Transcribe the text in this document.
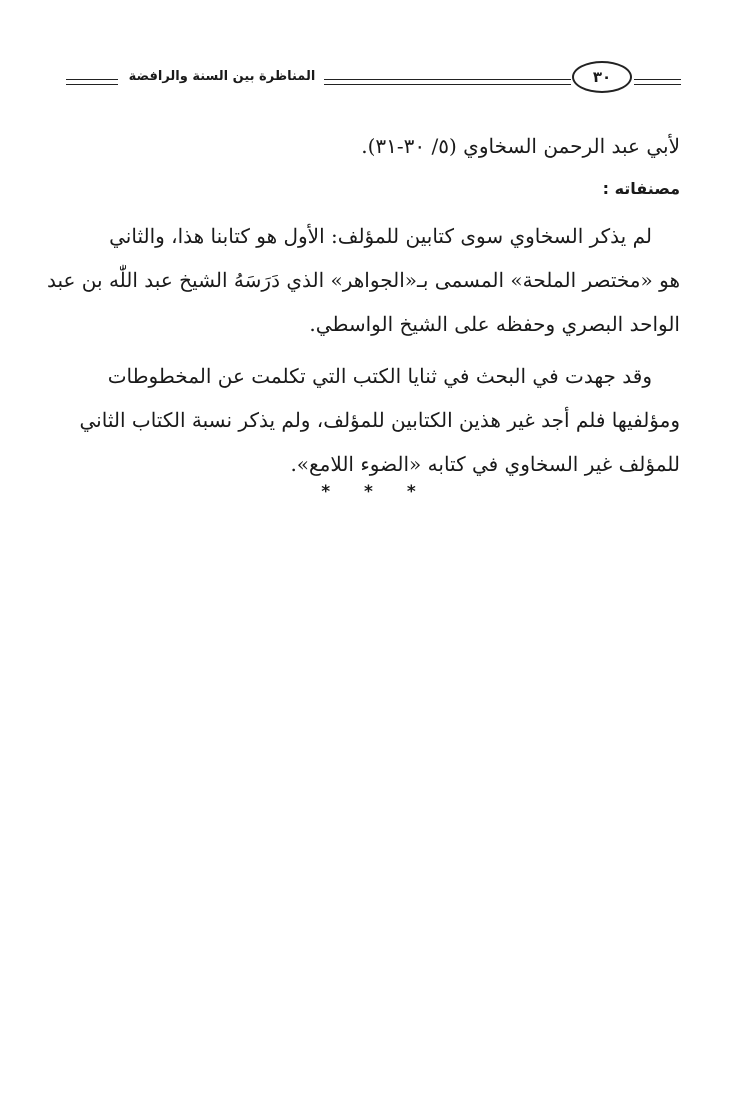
المناظرة بين السنة والرافضة	٣٠
لأبي عبد الرحمن السخاوي (٥/ ٣٠-٣١).
مصنفاته :
لم يذكر السخاوي سوى كتابين للمؤلف: الأول هو كتابنا هذا، والثاني
هو «مختصر الملحة» المسمى بـ«الجواهر» الذي دَرَسَهُ الشيخ عبد اللّٰه بن عبد
الواحد البصري وحفظه على الشيخ الواسطي.
وقد جهدت في البحث في ثنايا الكتب التي تكلمت عن المخطوطات
ومؤلفيها فلم أجد غير هذين الكتابين للمؤلف، ولم يذكر نسبة الكتاب الثاني
للمؤلف غير السخاوي في كتابه «الضوء اللامع».
* * *
